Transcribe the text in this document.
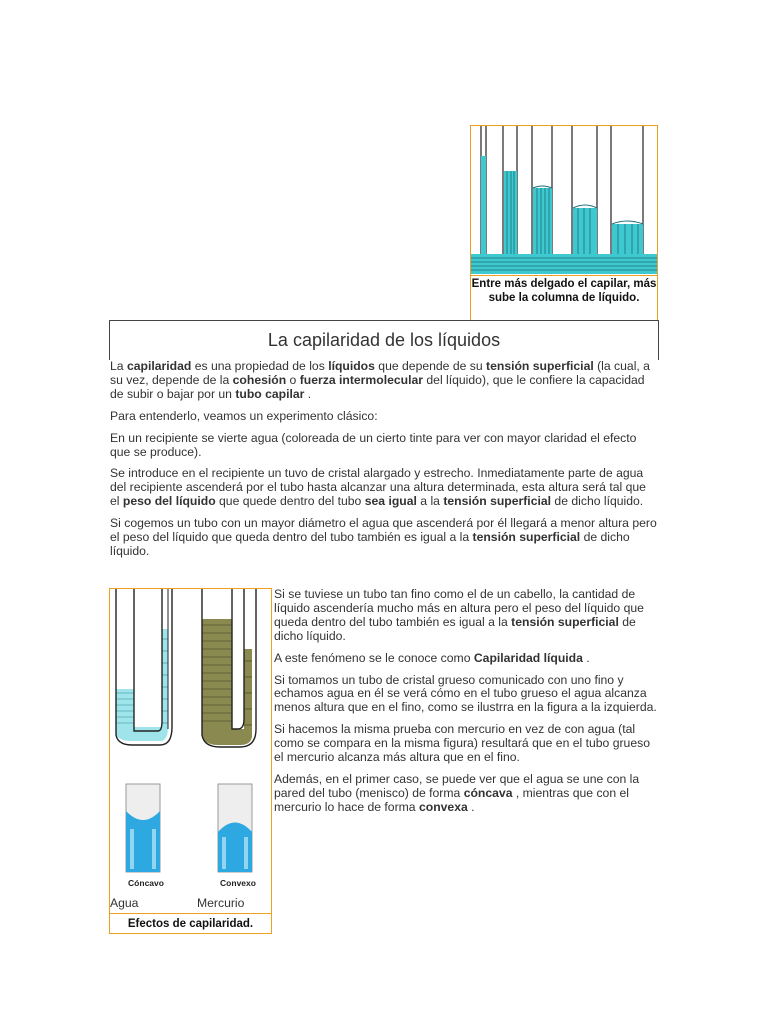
Entre más delgado el capilar, más sube la columna de líquido.
La capilaridad de los líquidos

La capilaridad es una propiedad de los líquidos que depende de su tensión superficial (la cual, a su vez, depende de la cohesión o fuerza intermolecular del líquido), que le confiere la capacidad de subir o bajar por un tubo capilar .

Para entenderlo, veamos un experimento clásico:

En un recipiente se vierte agua (coloreada de un cierto tinte para ver con mayor claridad el efecto que se produce).

Se introduce en el recipiente un tuvo de cristal alargado y estrecho. Inmediatamente parte de agua del recipiente ascenderá por el tubo hasta alcanzar una altura determinada, esta altura será tal que el peso del líquido que quede dentro del tubo sea igual a la tensión superficial de dicho líquido.

Si cogemos un tubo con un mayor diámetro el agua que ascenderá por él llegará a menor altura pero el peso del líquido que queda dentro del tubo también es igual a la tensión superficial de dicho líquido.

Cóncavo	Convexo
Agua	Mercurio
Efectos de capilaridad.

Si se tuviese un tubo tan fino como el de un cabello, la cantidad de líquido ascendería mucho más en altura pero el peso del líquido que queda dentro del tubo también es igual a la tensión superficial de dicho líquido.

A este fenómeno se le conoce como Capilaridad líquida .

Si tomamos un tubo de cristal grueso comunicado con uno fino y echamos agua en él se verá cómo en el tubo grueso el agua alcanza menos altura que en el fino, como se ilustrra en la figura a la izquierda.

Si hacemos la misma prueba con mercurio en vez de con agua (tal como se compara en la misma figura) resultará que en el tubo grueso el mercurio alcanza más altura que en el fino.

Además, en el primer caso, se puede ver que el agua se une con la pared del tubo (menisco) de forma cóncava , mientras que con el mercurio lo hace de forma convexa .
